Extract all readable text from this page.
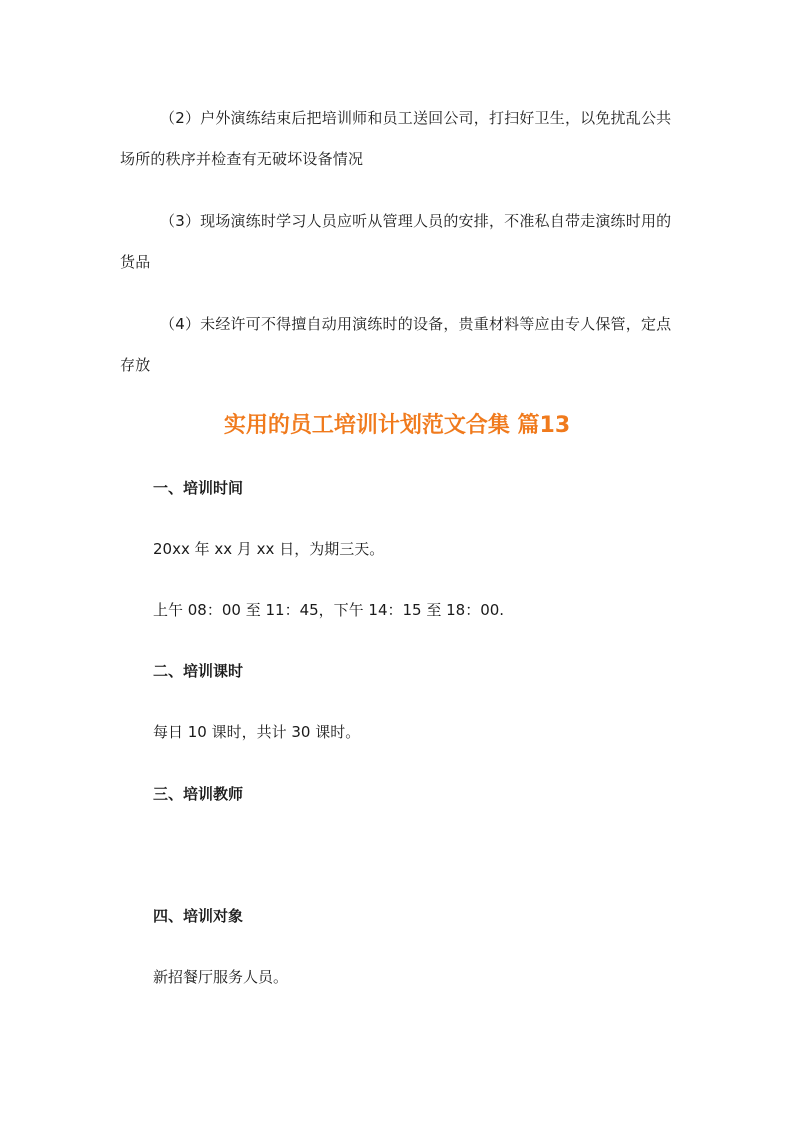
（2）户外演练结束后把培训师和员工送回公司，打扫好卫生，以免扰乱公共场所的秩序并检查有无破坏设备情况

（3）现场演练时学习人员应听从管理人员的安排，不准私自带走演练时用的货品

（4）未经许可不得擅自动用演练时的设备，贵重材料等应由专人保管，定点存放

实用的员工培训计划范文合集 篇13

一、培训时间

20xx 年 xx 月 xx 日，为期三天。

上午 08：00 至 11：45，下午 14：15 至 18：00.

二、培训课时

每日 10 课时，共计 30 课时。

三、培训教师

四、培训对象

新招餐厅服务人员。
